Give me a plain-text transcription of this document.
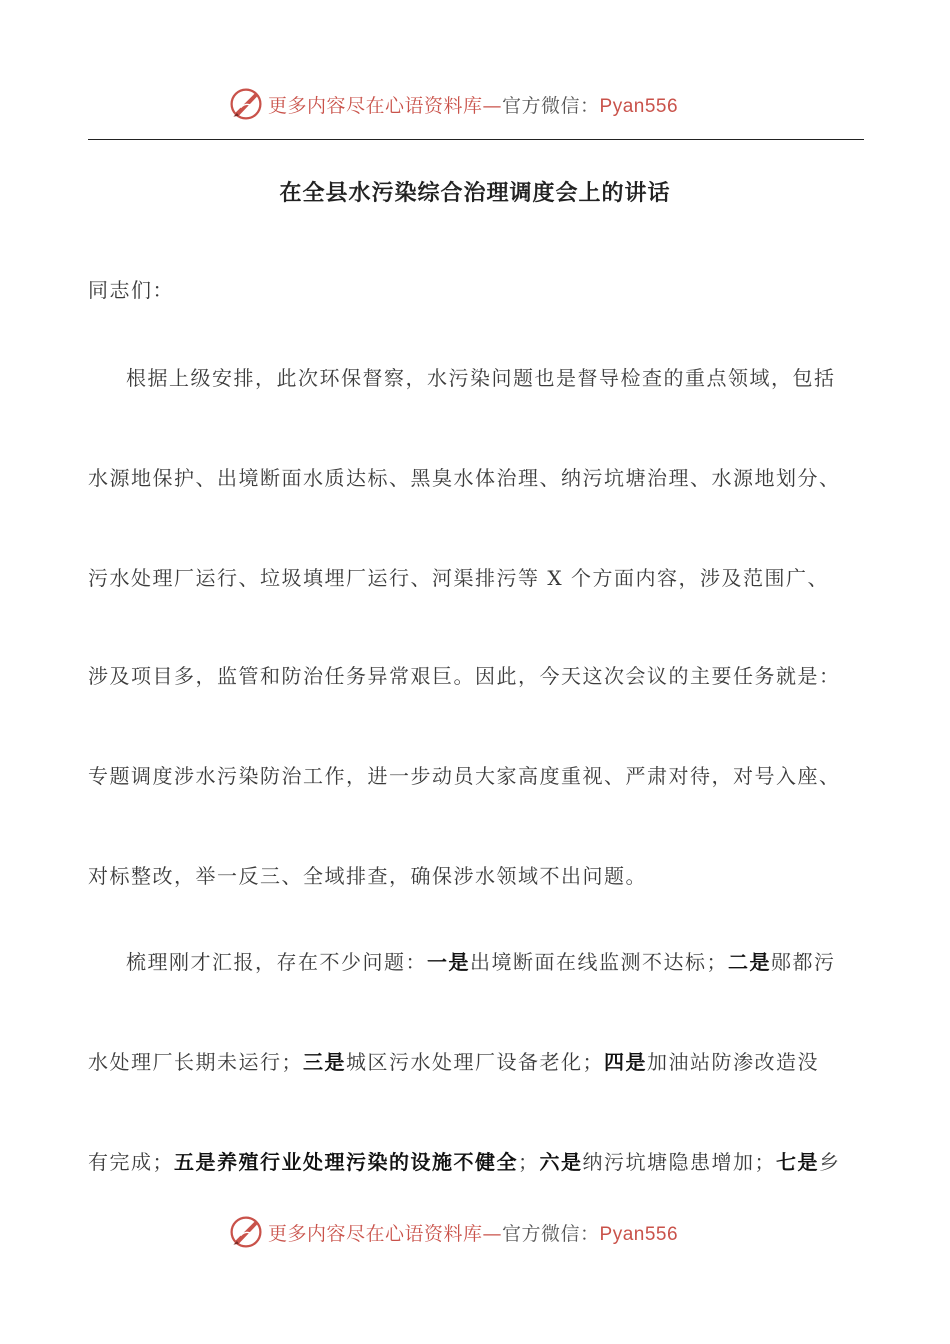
更多内容尽在心语资料库—官方微信：Pyan556
在全县水污染综合治理调度会上的讲话
同志们：
根据上级安排，此次环保督察，水污染问题也是督导检查的重点领域，包括
水源地保护、出境断面水质达标、黑臭水体治理、纳污坑塘治理、水源地划分、
污水处理厂运行、垃圾填埋厂运行、河渠排污等 X 个方面内容，涉及范围广、
涉及项目多，监管和防治任务异常艰巨。因此，今天这次会议的主要任务就是：
专题调度涉水污染防治工作，进一步动员大家高度重视、严肃对待，对号入座、
对标整改，举一反三、全域排查，确保涉水领域不出问题。
梳理刚才汇报，存在不少问题：一是出境断面在线监测不达标；二是郧都污
水处理厂长期未运行；三是城区污水处理厂设备老化；四是加油站防渗改造没
有完成；五是养殖行业处理污染的设施不健全；六是纳污坑塘隐患增加；七是乡
更多内容尽在心语资料库—官方微信：Pyan556
